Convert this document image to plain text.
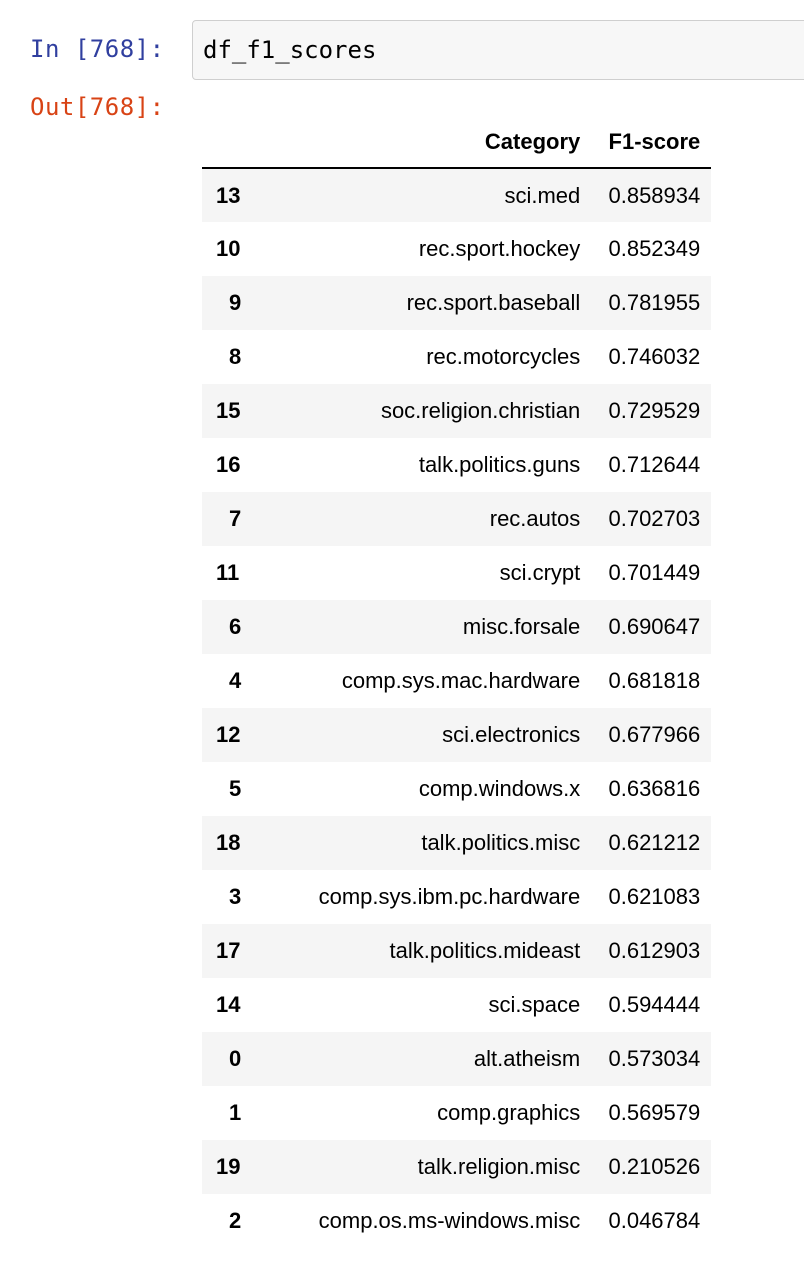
In [768]: df_f1_scores
Out[768]:
	Category	F1-score
13	sci.med	0.858934
10	rec.sport.hockey	0.852349
9	rec.sport.baseball	0.781955
8	rec.motorcycles	0.746032
15	soc.religion.christian	0.729529
16	talk.politics.guns	0.712644
7	rec.autos	0.702703
11	sci.crypt	0.701449
6	misc.forsale	0.690647
4	comp.sys.mac.hardware	0.681818
12	sci.electronics	0.677966
5	comp.windows.x	0.636816
18	talk.politics.misc	0.621212
3	comp.sys.ibm.pc.hardware	0.621083
17	talk.politics.mideast	0.612903
14	sci.space	0.594444
0	alt.atheism	0.573034
1	comp.graphics	0.569579
19	talk.religion.misc	0.210526
2	comp.os.ms-windows.misc	0.046784
